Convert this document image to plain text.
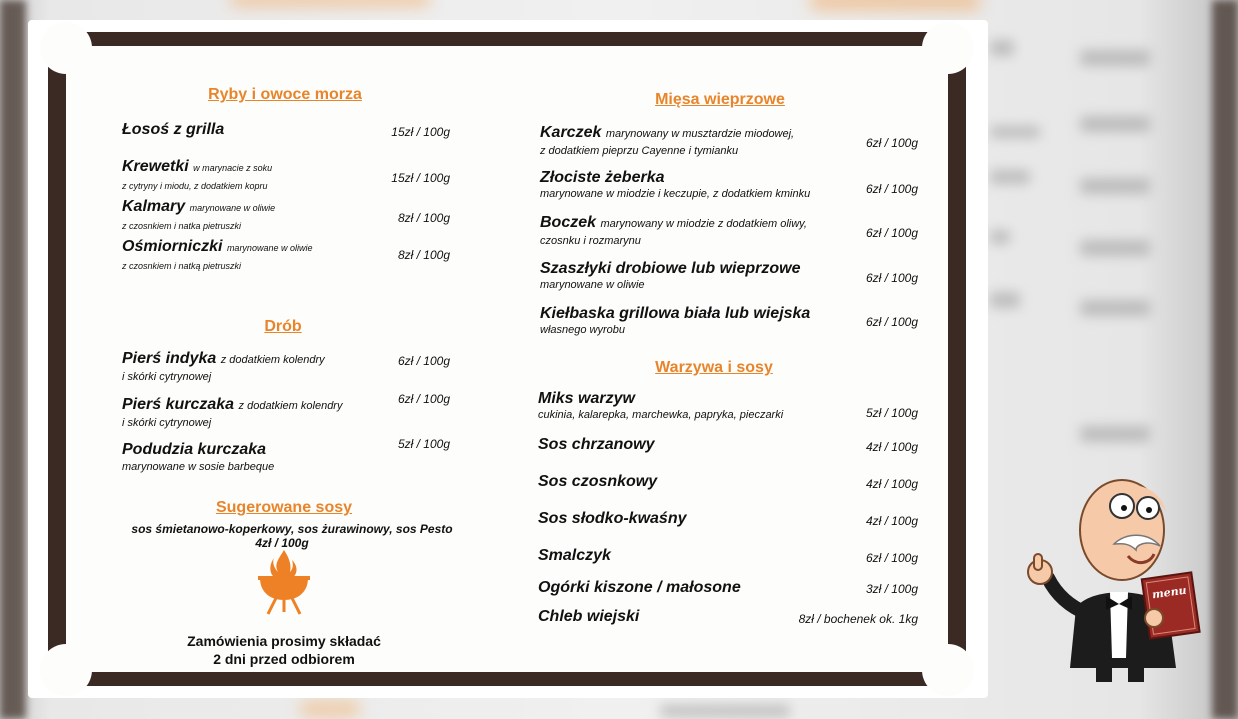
Ryby i owoce morza
Łosoś z grilla	15zł / 100g
Krewetki w marynacie z soku
z cytryny i miodu, z dodatkiem kopru
15zł / 100g
Kalmary marynowane w oliwie
z czosnkiem i natka pietruszki
8zł / 100g
Ośmiorniczki marynowane w oliwie
z czosnkiem i natką pietruszki
8zł / 100g
Drób
Pierś indyka z dodatkiem kolendry
i skórki cytrynowej
6zł / 100g
Pierś kurczaka z dodatkiem kolendry
i skórki cytrynowej
6zł / 100g
Podudzia kurczaka
marynowane w sosie barbeque
5zł / 100g
Sugerowane sosy
sos śmietanowo-koperkowy, sos żurawinowy, sos Pesto
4zł / 100g
Zamówienia prosimy składać
2 dni przed odbiorem
Mięsa wieprzowe
Karczek marynowany w musztardzie miodowej,
z dodatkiem pieprzu Cayenne i tymianku
6zł / 100g
Złociste żeberka
marynowane w miodzie i keczupie, z dodatkiem kminku	6zł / 100g
Boczek marynowany w miodzie z dodatkiem oliwy,
czosnku i rozmarynu
6zł / 100g
Szaszłyki drobiowe lub wieprzowe
marynowane w oliwie	6zł / 100g
Kiełbaska grillowa biała lub wiejska
własnego wyrobu
6zł / 100g
Warzywa i sosy
Miks warzyw
cukinia, kalarepka, marchewka, papryka, pieczarki	5zł / 100g
Sos chrzanowy	4zł / 100g
Sos czosnkowy	4zł / 100g
Sos słodko-kwaśny	4zł / 100g
Smalczyk	6zł / 100g
Ogórki kiszone / małosone	3zł / 100g
Chleb wiejski	8zł / bochenek ok. 1kg
menu
